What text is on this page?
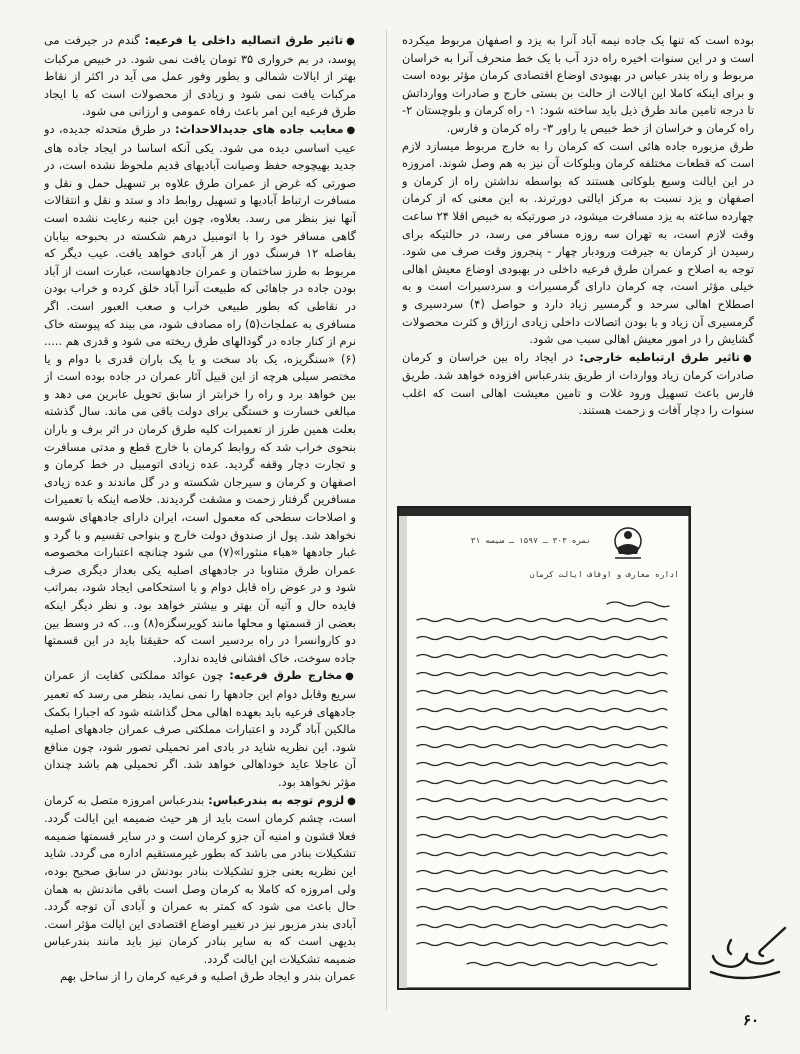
بوده است که تنها یک جاده نیمه آباد آنرا به یزد و اصفهان مربوط میکرده است و در این سنوات اخیره راه دزد آب با یک خط منحرف آنرا به خراسان مربوط و راه بندر عباس در بهبودی اوضاع اقتصادی کرمان مؤثر بوده است و برای اینکه کاملا این ایالات از حالت بن بستی خارج و صادرات ووارداتش تا درجه تامین ماند طرق ذیل باید ساخته شود: ۱- راه کرمان و بلوچستان ۲- راه کرمان و خراسان از خط خبیص یا راور ۳- راه کرمان و فارس.

طرق مزبوره جاده هائی است که کرمان را به خارج مربوط میسازد لازم است که قطعات مختلفه کرمان وبلوکات آن نیز به هم وصل شوند. امروزه در این ایالت وسیع بلوکاتی هستند که بواسطه نداشتن راه از کرمان و اصفهان و یزد نسبت به مرکز ایالتی دورترند. به این معنی که از کرمان چهارده ساعته به یزد مسافرت میشود، در صورتیکه به خبیص اقلا ۲۴ ساعت وقت لازم است، به تهران سه روزه مسافر می رسد، در حالتیکه برای رسیدن از کرمان به جیرفت ورودبار چهار - پنجروز وقت صرف می شود. توجه به اصلاح و عمران طرق فرعیه داخلی در بهبودی اوضاع معیش اهالی خیلی مؤثر است، چه کرمان دارای گرمسیرات و سردسیرات است و به اصطلاح اهالی سرحد و گرمسیر زیاد دارد و حواصل (۴) سردسیری و گرمسیری آن زیاد و با بودن اتصالات داخلی زیادی ارزاق و کثرت محصولات گشایش را در امور معیش اهالی سبب می شود.

●تاثیر طرق ارتباطیه خارجی: در ایجاد راه بین خراسان و کرمان صادرات کرمان زیاد وواردات از طریق بندرعباس افزوده خواهد شد. طریق فارس باعث تسهیل ورود غلات و تامین معیشت اهالی است که اغلب سنوات را دچار آفات و زحمت هستند.

اداره معارف و اوقاف ایالت کرمان
نمره ۳۰۳ ـ ۱۵۹۷ ـ سیسه ۳۱

●تاثیر طرق اتصالیه داخلی یا فرعیه: گندم در جیرفت می پوسد، در بم خرواری ۳۵ تومان یافت نمی شود. در خبیص مرکبات بهتر از ایالات شمالی و بطور وفور عمل می آید در اکثر از نقاط مرکبات یافت نمی شود و زیادی از محصولات است که با ایجاد طرق فرعیه این امر باعث رفاه عمومی و ارزانی می شود.

●معایب جاده های جدیدالاحداث: در طرق متحدثه جدیده، دو عیب اساسی دیده می شود. یکی آنکه اساسا در ایجاد جاده های جدید بهیچوجه حفظ وصیانت آبادیهای قدیم ملحوظ نشده است، در صورتی که غرض از عمران طرق علاوه بر تسهیل حمل و نقل و مسافرت ارتباط آبادیها و تسهیل روابط داد و ستد و نقل و انتقالات آنها نیز بنظر می رسد. بعلاوه، چون این جنبه رعایت نشده است گاهی مسافر خود را با اتومبیل درهم شکسته در بحبوحه بیابان بفاصله ۱۲ فرسنگ دور از هر آبادی خواهد یافت. عیب دیگر که مربوط به طرز ساختمان و عمران جادههاست، عبارت است از آباد بودن جاده در جاهائی که طبیعت آنرا آباد خلق کرده و خراب بودن در نقاطی که بطور طبیعی خراب و صعب العبور است. اگر مسافری به عملجات(۵) راه مصادف شود، می بیند که پیوسته خاک نرم از کنار جاده در گودالهای طرق ریخته می شود و قدری هم .....(۶) «سنگریزه، یک باد سخت و یا یک باران قدری با دوام و یا مختصر سیلی هرچه از این قبیل آثار عمران در جاده بوده است از بین خواهد برد و راه را خرابتر از سابق تحویل عابرین می دهد و مبالغی خسارت و خستگی برای دولت باقی می ماند. سال گذشته بعلت همین طرز از تعمیرات کلیه طرق کرمان در اثر برف و باران بنحوی خراب شد که روابط کرمان با خارج قطع و مدتی مسافرت و تجارت دچار وقفه گردید. عده زیادی اتومبیل در خط کرمان و اصفهان و کرمان و سیرجان شکسته و در گل ماندند و عده زیادی مسافرین گرفتار زحمت و مشقت گردیدند. خلاصه اینکه با تعمیرات و اصلاحات سطحی که معمول است، ایران دارای جادههای شوسه نخواهد شد. پول از صندوق دولت خارج و بنواحی تقسیم و با گرد و غبار جادهها «هباء منثورا»(۷) می شود چنانچه اعتبارات مخصوصه عمران طرق متناوبا در جادههای اصلیه یکی بعداز دیگری صرف شود و در عوض راه قابل دوام و با استحکامی ایجاد شود، بمراتب فایده حال و آتیه آن بهتر و بیشتر خواهد بود. و نظر دیگر اینکه بعضی از قسمتها و محلها مانند کویرسگزه(۸) و... که در وسط بین دو کاروانسرا در راه بردسیر است که حقیقتا باید در این قسمتها جاده سوخت، خاک افشانی فایده ندارد.

●مخارج طرق فرعیه: چون عوائد مملکتی کفایت از عمران سریع وقابل دوام این جادهها را نمی نماید، بنظر می رسد که تعمیر جادههای فرعیه باید بعهده اهالی محل گذاشته شود که اجبارا بکمک مالکین آباد گردد و اعتبارات مملکتی صرف عمران جادههای اصلیه شود. این نظریه شاید در بادی امر تحمیلی تصور شود، چون منافع آن عاجلا عاید خوداهالی خواهد شد. اگر تحمیلی هم باشد چندان مؤثر نخواهد بود.

●لزوم توجه به بندرعباس: بندرعباس امروزه متصل به کرمان است، چشم کرمان است باید از هر حیث ضمیمه این ایالت گردد. فعلا قشون و امنیه آن جزو کرمان است و در سایر قسمتها ضمیمه تشکیلات بنادر می باشد که بطور غیرمستقیم اداره می گردد. شاید این نظریه یعنی جزو تشکیلات بنادر بودنش در سابق صحیح بوده، ولی امروزه که کاملا به کرمان وصل است باقی ماندنش به همان حال باعث می شود که کمتر به عمران و آبادی آن توجه گردد. آبادی بندر مزبور نیز در تغییر اوضاع اقتصادی این ایالت مؤثر است. بدیهی است که به سایر بنادر کرمان نیز باید مانند بندرعباس ضمیمه تشکیلات این ایالت گردد.

عمران بندر و ایجاد طرق اصلیه و فرعیه کرمان را از ساحل بهم

کرمان
۶۰
